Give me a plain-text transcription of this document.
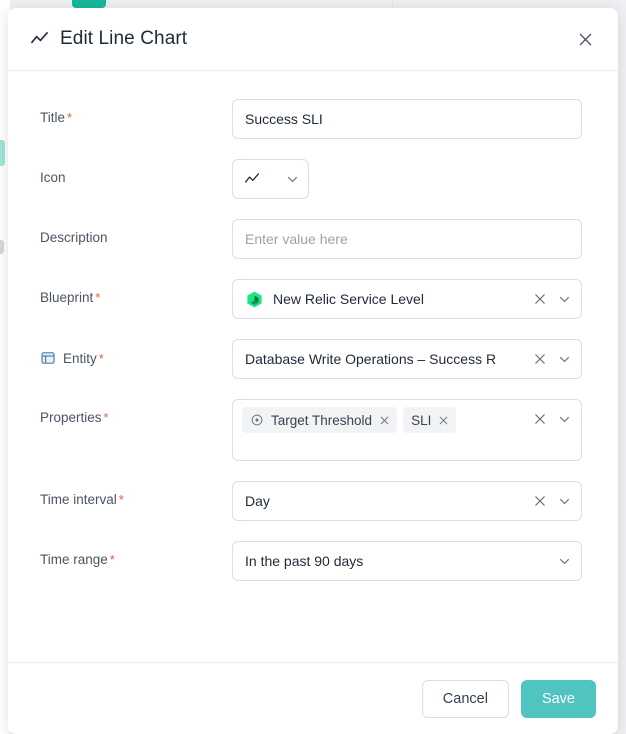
Edit Line Chart
Title *	Success SLI
Icon
Description	Enter value here
Blueprint *	New Relic Service Level
Entity *	Database Write Operations – Success R
Properties *	Target Threshold	SLI
Time interval *	Day
Time range *	In the past 90 days
Cancel	Save
